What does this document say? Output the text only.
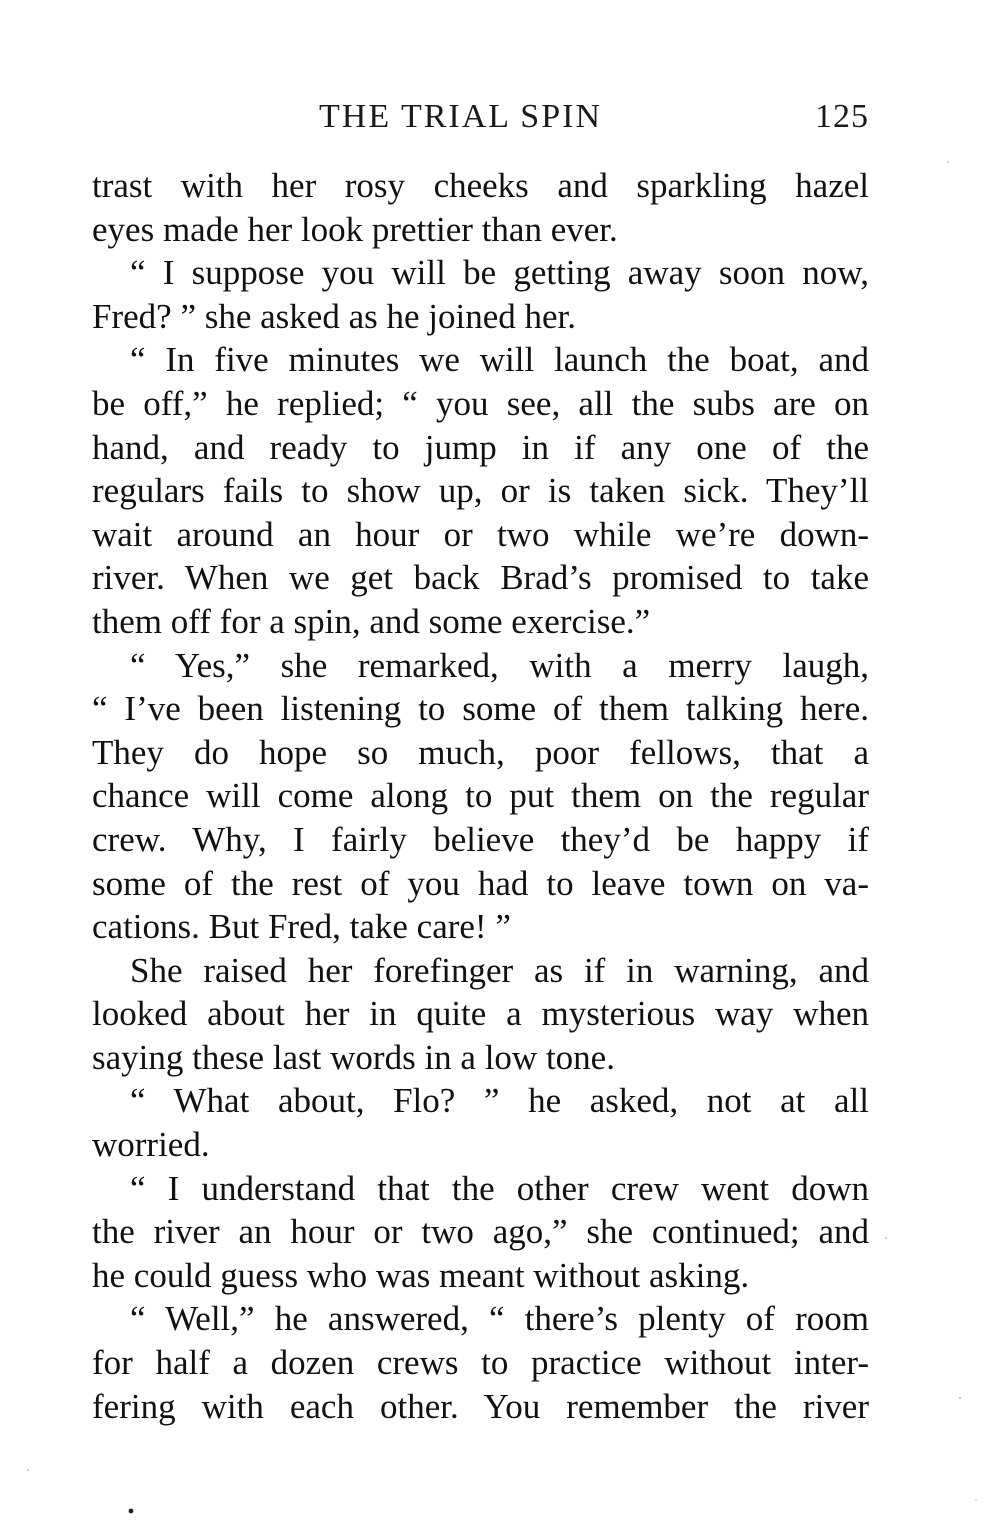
THE TRIAL SPIN	125
trast with her rosy cheeks and sparkling hazel
eyes made her look prettier than ever.
“ I suppose you will be getting away soon now,
Fred? ” she asked as he joined her.
“ In five minutes we will launch the boat, and
be off,” he replied; “ you see, all the subs are on
hand, and ready to jump in if any one of the
regulars fails to show up, or is taken sick. They’ll
wait around an hour or two while we’re down-
river. When we get back Brad’s promised to take
them off for a spin, and some exercise.”
“ Yes,” she remarked, with a merry laugh,
“ I’ve been listening to some of them talking here.
They do hope so much, poor fellows, that a
chance will come along to put them on the regular
crew. Why, I fairly believe they’d be happy if
some of the rest of you had to leave town on va-
cations. But Fred, take care! ”
She raised her forefinger as if in warning, and
looked about her in quite a mysterious way when
saying these last words in a low tone.
“ What about, Flo? ” he asked, not at all
worried.
“ I understand that the other crew went down
the river an hour or two ago,” she continued; and
he could guess who was meant without asking.
“ Well,” he answered, “ there’s plenty of room
for half a dozen crews to practice without inter-
fering with each other. You remember the river
